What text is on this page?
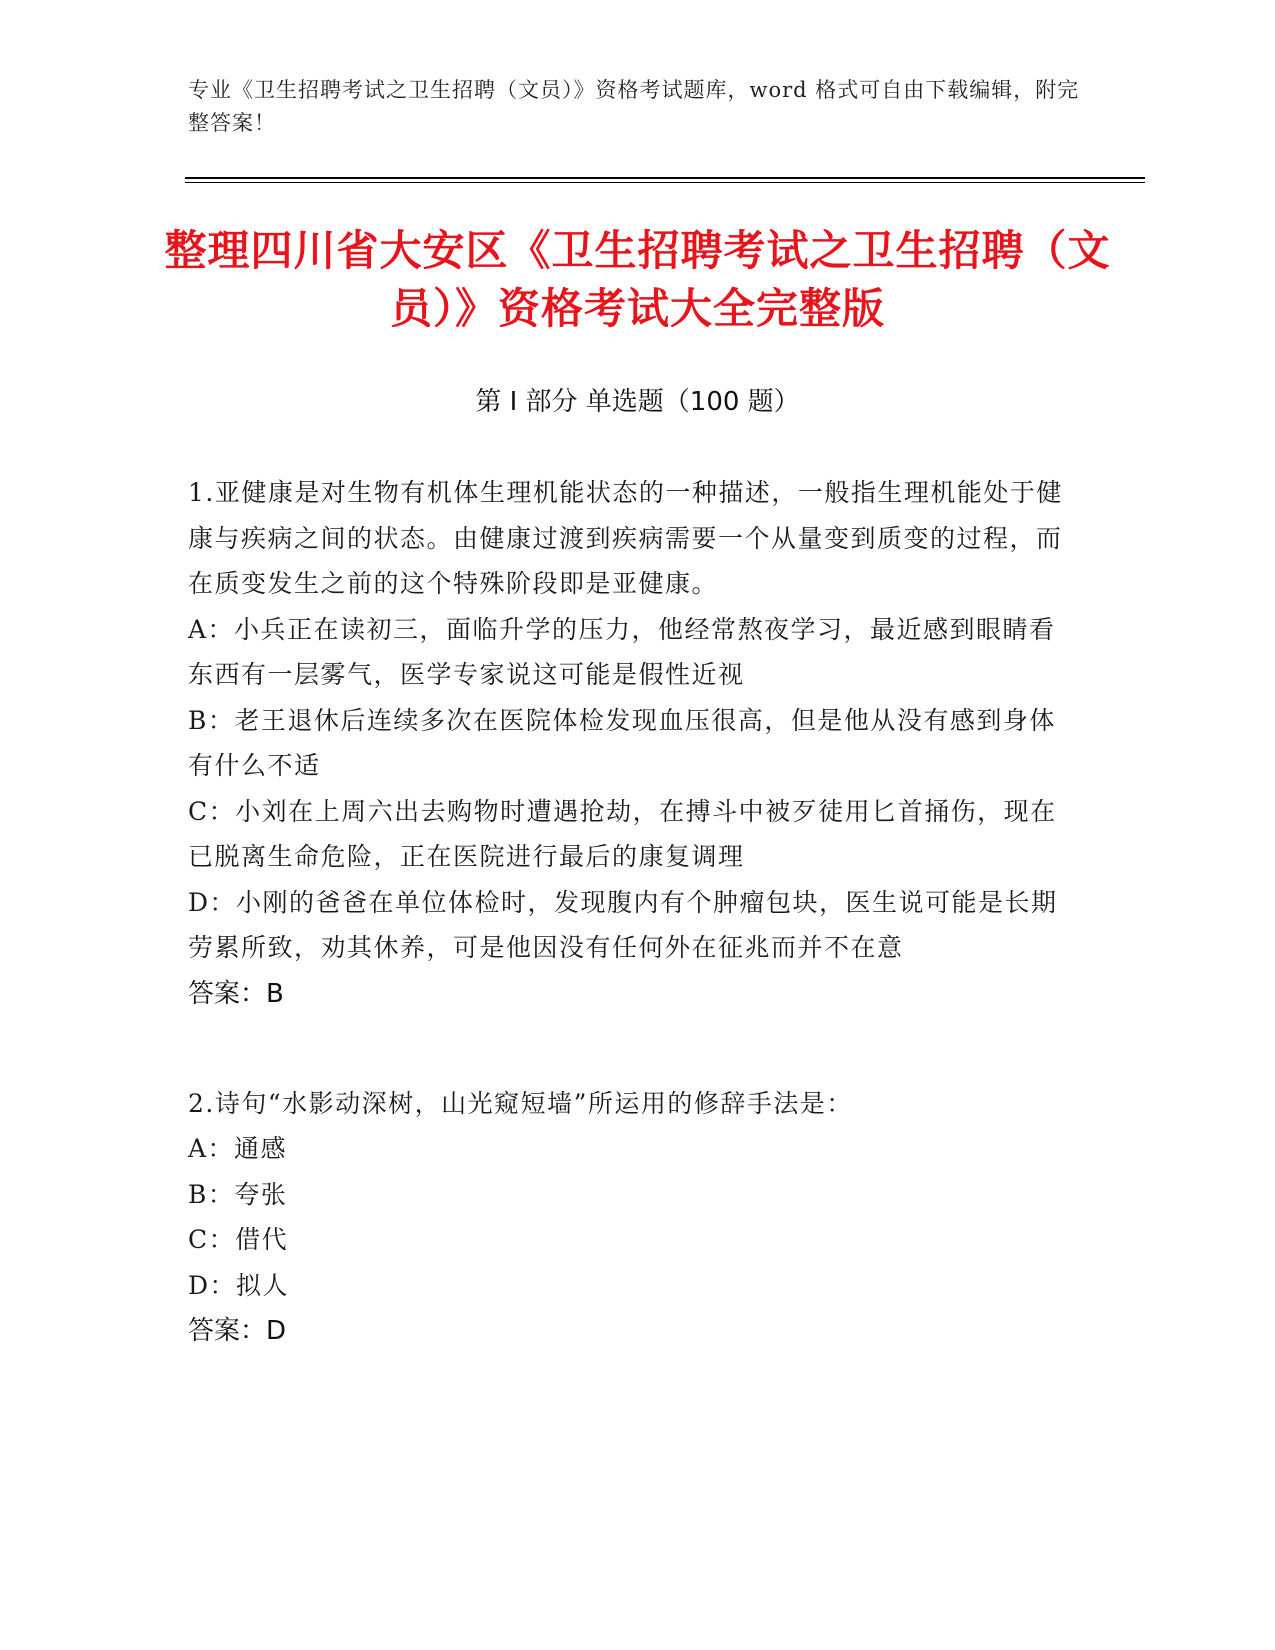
专业《卫生招聘考试之卫生招聘（文员）》资格考试题库，word 格式可自由下载编辑，附完整答案！
整理四川省大安区《卫生招聘考试之卫生招聘（文员）》资格考试大全完整版
第 I 部分 单选题（100 题）
1.亚健康是对生物有机体生理机能状态的一种描述，一般指生理机能处于健康与疾病之间的状态。由健康过渡到疾病需要一个从量变到质变的过程，而在质变发生之前的这个特殊阶段即是亚健康。
A：小兵正在读初三，面临升学的压力，他经常熬夜学习，最近感到眼睛看东西有一层雾气，医学专家说这可能是假性近视
B：老王退休后连续多次在医院体检发现血压很高，但是他从没有感到身体有什么不适
C：小刘在上周六出去购物时遭遇抢劫，在搏斗中被歹徒用匕首捅伤，现在已脱离生命危险，正在医院进行最后的康复调理
D：小刚的爸爸在单位体检时，发现腹内有个肿瘤包块，医生说可能是长期劳累所致，劝其休养，可是他因没有任何外在征兆而并不在意
答案：B
2.诗句“水影动深树，山光窥短墙”所运用的修辞手法是：
A：通感
B：夸张
C：借代
D：拟人
答案：D
